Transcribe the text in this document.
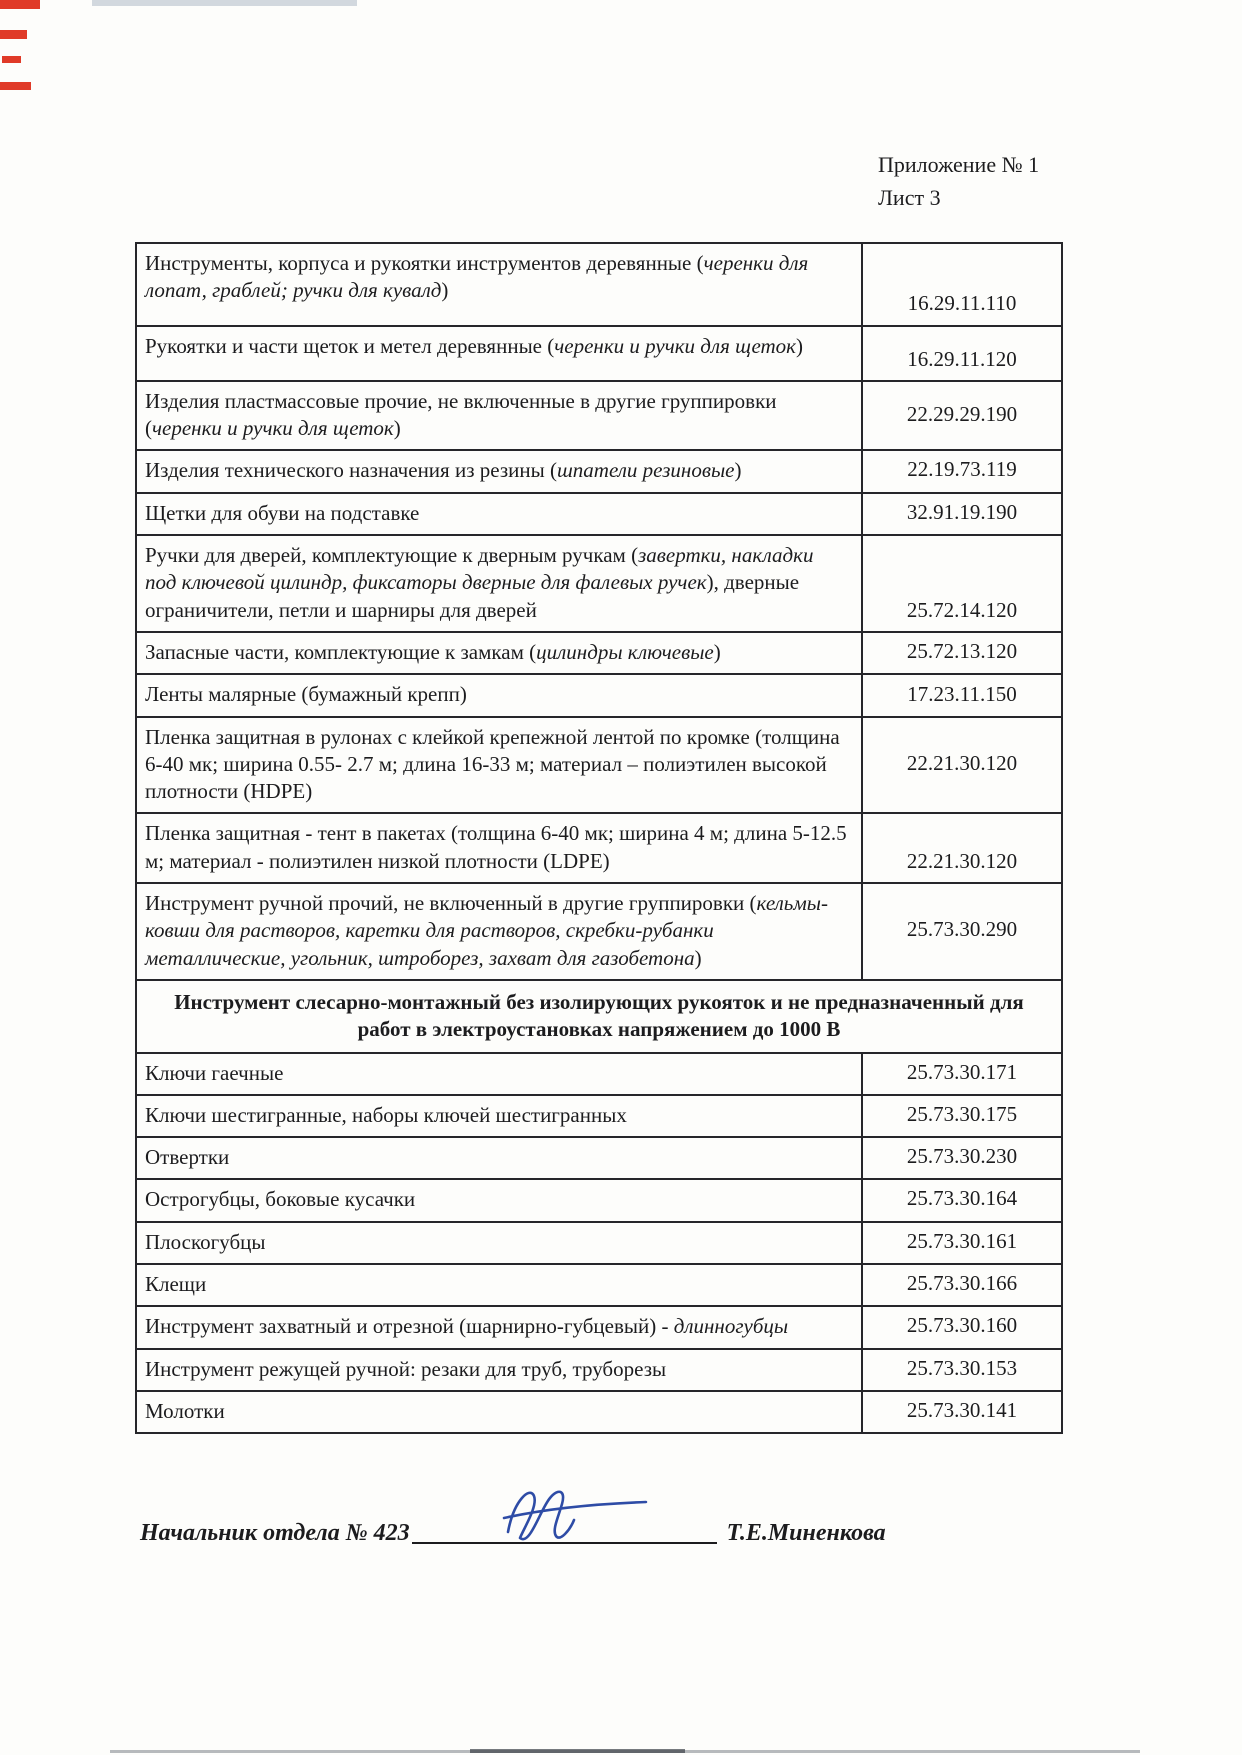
Приложение № 1
Лист 3
Инструменты, корпуса и рукоятки инструментов деревянные (черенки для лопат, граблей; ручки для кувалд)	16.29.11.110
Рукоятки и части щеток и метел деревянные (черенки и ручки для щеток)	16.29.11.120
Изделия пластмассовые прочие, не включенные в другие группировки (черенки и ручки для щеток)	22.29.29.190
Изделия технического назначения из резины (шпатели резиновые)	22.19.73.119
Щетки для обуви на подставке	32.91.19.190
Ручки для дверей, комплектующие к дверным ручкам (завертки, накладки под ключевой цилиндр, фиксаторы дверные для фалевых ручек), дверные ограничители, петли и шарниры для дверей	25.72.14.120
Запасные части, комплектующие к замкам (цилиндры ключевые)	25.72.13.120
Ленты малярные (бумажный крепп)	17.23.11.150
Пленка защитная в рулонах с клейкой крепежной лентой по кромке (толщина 6-40 мк; ширина 0.55- 2.7 м; длина 16-33 м; материал – полиэтилен высокой плотности (HDPE)	22.21.30.120
Пленка защитная - тент в пакетах (толщина 6-40 мк; ширина 4 м; длина 5-12.5 м; материал - полиэтилен низкой плотности (LDPE)	22.21.30.120
Инструмент ручной прочий, не включенный в другие группировки (кельмы-ковши для растворов, каретки для растворов, скребки-рубанки металлические, угольник, штроборез, захват для газобетона)	25.73.30.290
Инструмент слесарно-монтажный без изолирующих рукояток и не предназначенный для работ в электроустановках напряжением до 1000 В	
Ключи гаечные	25.73.30.171
Ключи шестигранные, наборы ключей шестигранных	25.73.30.175
Отвертки	25.73.30.230
Острогубцы, боковые кусачки	25.73.30.164
Плоскогубцы	25.73.30.161
Клещи	25.73.30.166
Инструмент захватный и отрезной (шарнирно-губцевый) - длинногубцы	25.73.30.160
Инструмент режущей ручной: резаки для труб, труборезы	25.73.30.153
Молотки	25.73.30.141
Начальник отдела № 423	Т.Е.Миненкова
